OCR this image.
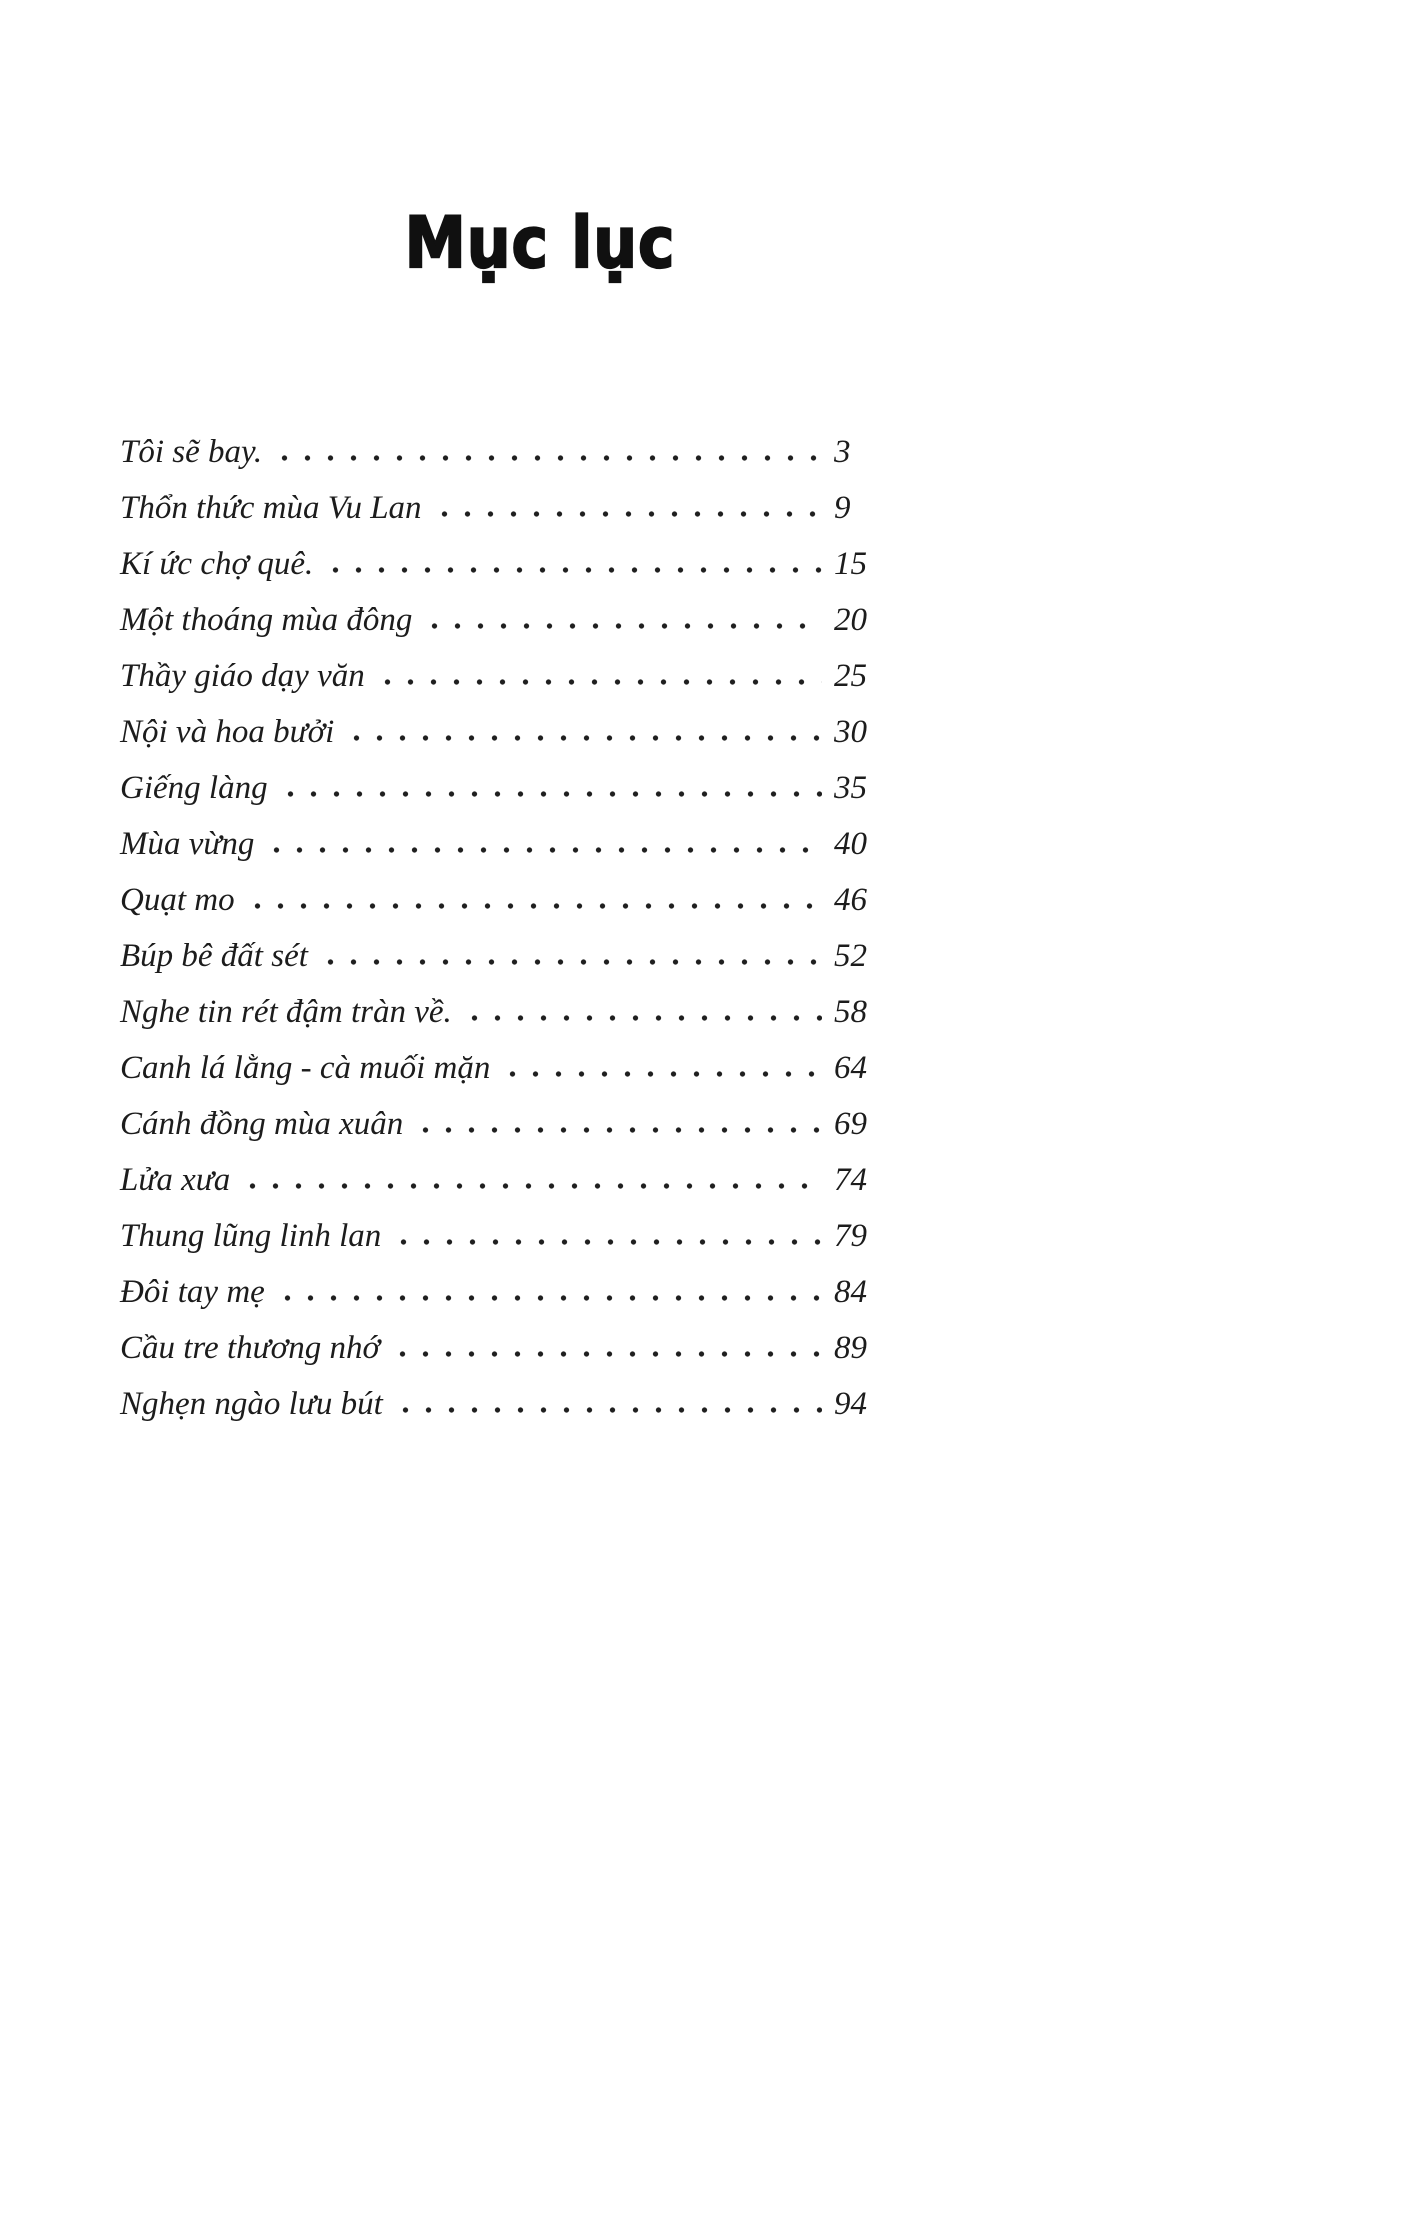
Mục lục
Tôi sẽ bay.	3
Thổn thức mùa Vu Lan	9
Kí ức chợ quê.	15
Một thoáng mùa đông	20
Thầy giáo dạy văn	25
Nội và hoa bưởi	30
Giếng làng	35
Mùa vừng	40
Quạt mo	46
Búp bê đất sét	52
Nghe tin rét đậm tràn về.	58
Canh lá lằng - cà muối mặn	64
Cánh đồng mùa xuân	69
Lửa xưa	74
Thung lũng linh lan	79
Đôi tay mẹ	84
Cầu tre thương nhớ	89
Nghẹn ngào lưu bút	94
